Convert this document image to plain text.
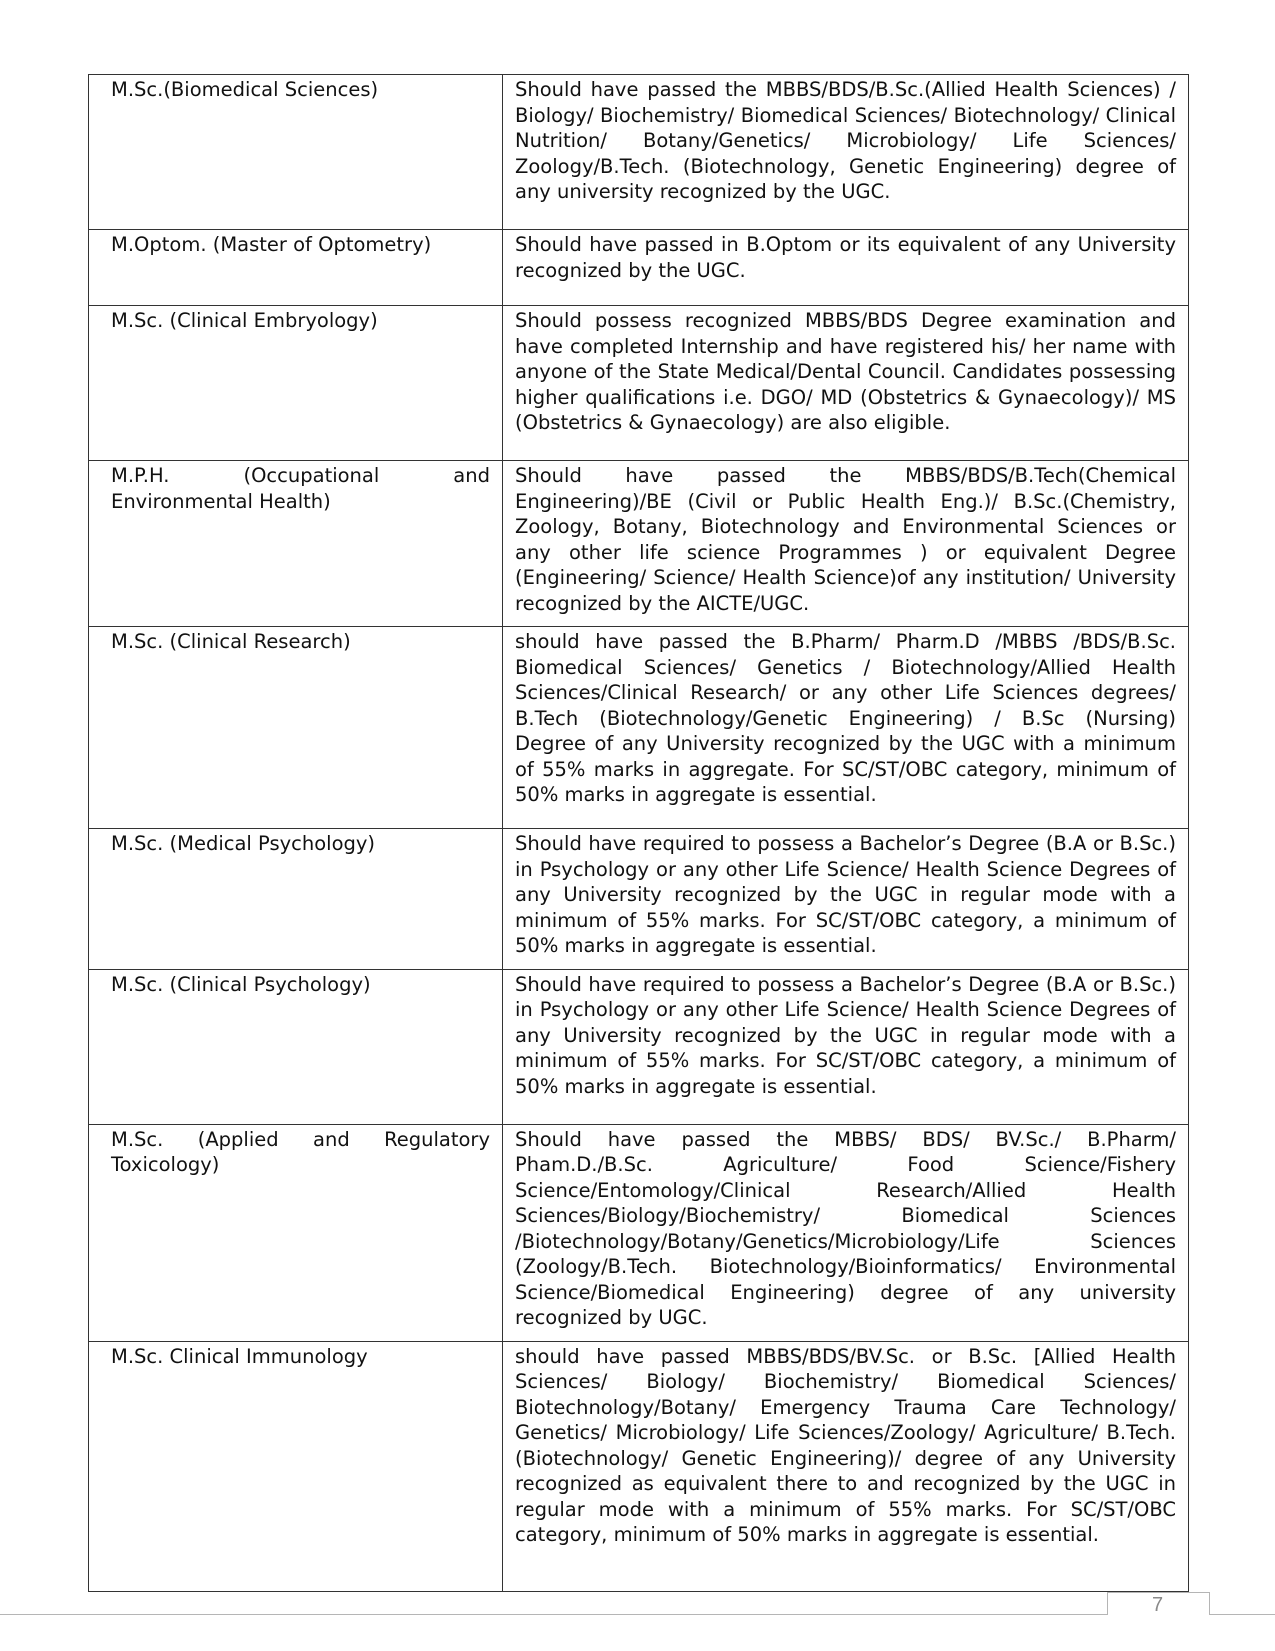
M.Sc.(Biomedical Sciences)	Should have passed the MBBS/BDS/B.Sc.(Allied Health Sciences) / Biology/ Biochemistry/ Biomedical Sciences/ Biotechnology/ Clinical Nutrition/ Botany/Genetics/ Microbiology/ Life Sciences/ Zoology/B.Tech. (Biotechnology, Genetic Engineering) degree of any university recognized by the UGC.
M.Optom. (Master of Optometry)	Should have passed in B.Optom or its equivalent of any University recognized by the UGC.
M.Sc. (Clinical Embryology)	Should possess recognized MBBS/BDS Degree examination and have completed Internship and have registered his/ her name with anyone of the State Medical/Dental Council. Candidates possessing higher qualifications i.e. DGO/ MD (Obstetrics & Gynaecology)/ MS (Obstetrics & Gynaecology) are also eligible.
M.P.H. (Occupational and Environmental Health)	Should have passed the MBBS/BDS/B.Tech(Chemical Engineering)/BE (Civil or Public Health Eng.)/ B.Sc.(Chemistry, Zoology, Botany, Biotechnology and Environmental Sciences or any other life science Programmes ) or equivalent Degree (Engineering/ Science/ Health Science)of any institution/ University recognized by the AICTE/UGC.
M.Sc. (Clinical Research)	should have passed the B.Pharm/ Pharm.D /MBBS /BDS/B.Sc. Biomedical Sciences/ Genetics / Biotechnology/Allied Health Sciences/Clinical Research/ or any other Life Sciences degrees/ B.Tech (Biotechnology/Genetic Engineering) / B.Sc (Nursing) Degree of any University recognized by the UGC with a minimum of 55% marks in aggregate. For SC/ST/OBC category, minimum of 50% marks in aggregate is essential.
M.Sc. (Medical Psychology)	Should have required to possess a Bachelor’s Degree (B.A or B.Sc.) in Psychology or any other Life Science/ Health Science Degrees of any University recognized by the UGC in regular mode with a minimum of 55% marks. For SC/ST/OBC category, a minimum of 50% marks in aggregate is essential.
M.Sc. (Clinical Psychology)	Should have required to possess a Bachelor’s Degree (B.A or B.Sc.) in Psychology or any other Life Science/ Health Science Degrees of any University recognized by the UGC in regular mode with a minimum of 55% marks. For SC/ST/OBC category, a minimum of 50% marks in aggregate is essential.
M.Sc. (Applied and Regulatory Toxicology)	Should have passed the MBBS/ BDS/ BV.Sc./ B.Pharm/ Pham.D./B.Sc. Agriculture/ Food Science/Fishery Science/Entomology/Clinical Research/Allied Health Sciences/Biology/Biochemistry/ Biomedical Sciences /Biotechnology/Botany/Genetics/Microbiology/Life Sciences (Zoology/B.Tech. Biotechnology/Bioinformatics/ Environmental Science/Biomedical Engineering) degree of any university recognized by UGC.
M.Sc. Clinical Immunology	should have passed MBBS/BDS/BV.Sc. or B.Sc. [Allied Health Sciences/ Biology/ Biochemistry/ Biomedical Sciences/ Biotechnology/Botany/ Emergency Trauma Care Technology/ Genetics/ Microbiology/ Life Sciences/Zoology/ Agriculture/ B.Tech.(Biotechnology/ Genetic Engineering)/ degree of any University recognized as equivalent there to and recognized by the UGC in regular mode with a minimum of 55% marks. For SC/ST/OBC category, minimum of 50% marks in aggregate is essential.
7
